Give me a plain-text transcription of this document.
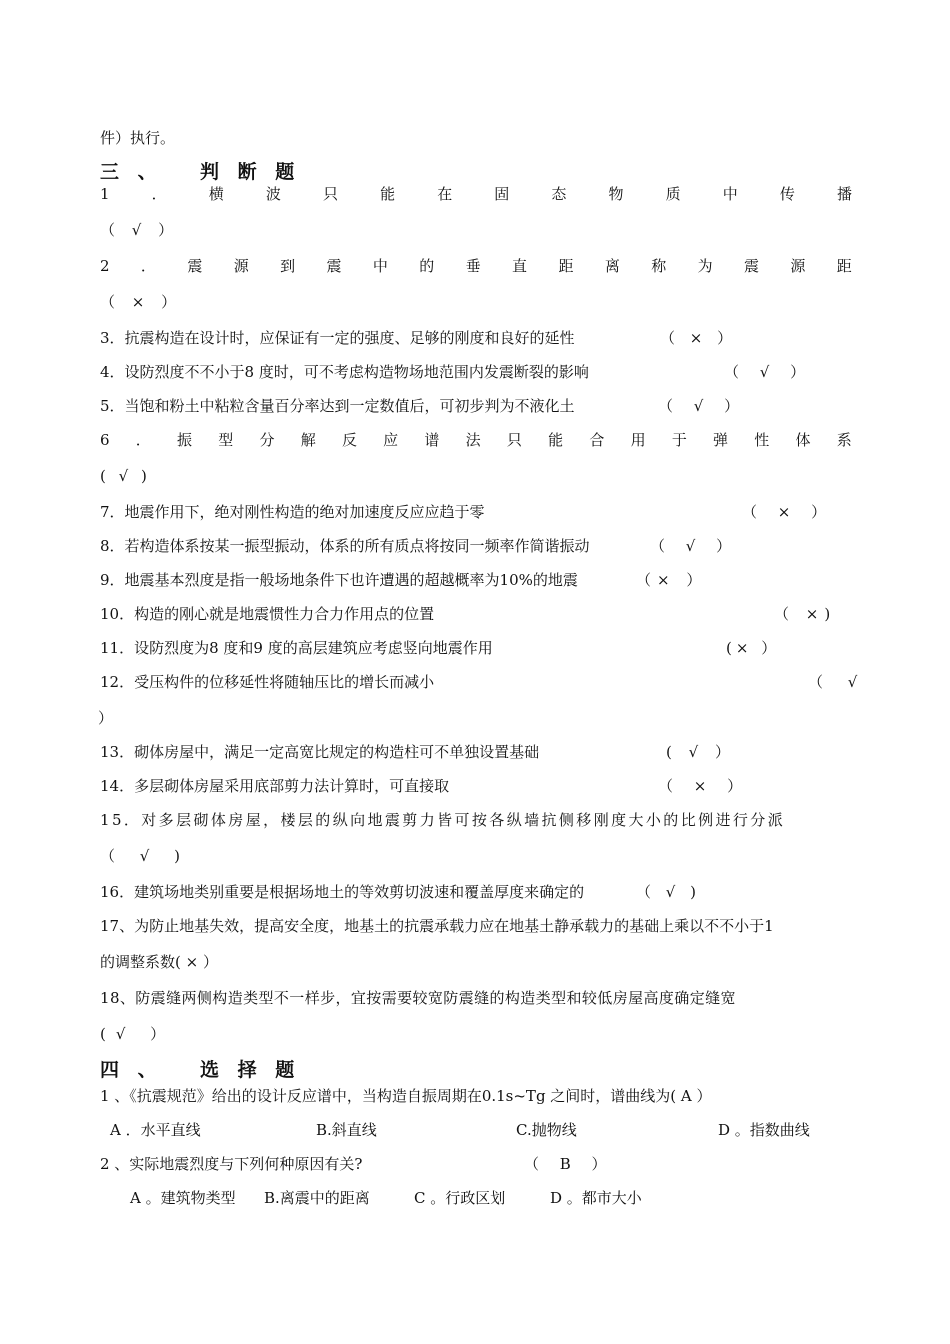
件）执行。
三 、 判 断 题
1	．	横	波	只	能	在	固	态	物	质	中	传	播
（ √ ）
2 ． 震 源 到 震 中 的 垂 直 距 离 称 为 震 源 距
（ × ）
3．抗震构造在设计时，应保证有一定的强度、足够的刚度和良好的延性	（ × ）
4．设防烈度不不小于8 度时，可不考虑构造物场地范围内发震断裂的影响	（ √ ）
5．当饱和粉土中粘粒含量百分率达到一定数值后，可初步判为不液化土	（ √ ）
6 ． 振 型 分 解 反 应 谱 法 只 能 合 用 于 弹 性 体 系
( √ )
7．地震作用下，绝对刚性构造的绝对加速度反应应趋于零	（ × ）
8．若构造体系按某一振型振动，体系的所有质点将按同一频率作简谐振动	（ √ ）
9．地震基本烈度是指一般场地条件下也许遭遇的超越概率为10%的地震	（× ）
10．构造的刚心就是地震惯性力合力作用点的位置	（ ×)
11．设防烈度为8 度和9 度的高层建筑应考虑竖向地震作用	(× ）
12．受压构件的位移延性将随轴压比的增长而减小	（ √
）
13．砌体房屋中，满足一定高宽比规定的构造柱可不单独设置基础	( √ ）
14．多层砌体房屋采用底部剪力法计算时，可直接取	（ × ）
15．对多层砌体房屋，楼层的纵向地震剪力皆可按各纵墙抗侧移刚度大小的比例进行分派
（ √ )
16．建筑场地类别重要是根据场地土的等效剪切波速和覆盖厚度来确定的	（ √ )
17、为防止地基失效，提高安全度，地基土的抗震承载力应在地基土静承载力的基础上乘以不不小于1
的调整系数( × ）
18、防震缝两侧构造类型不一样步，宜按需要较宽防震缝的构造类型和较低房屋高度确定缝宽
(√ ）
四 、 选 择 题
1 、《抗震规范》给出的设计反应谱中，当构造自振周期在0.1s~Tg 之间时，谱曲线为( A ）
A ．水平直线	B.斜直线	C.抛物线	D 。指数曲线
2 、实际地震烈度与下列何种原因有关?	（ B ）
A 。建筑物类型 B.离震中的距离	C 。行政区划	D 。都市大小
